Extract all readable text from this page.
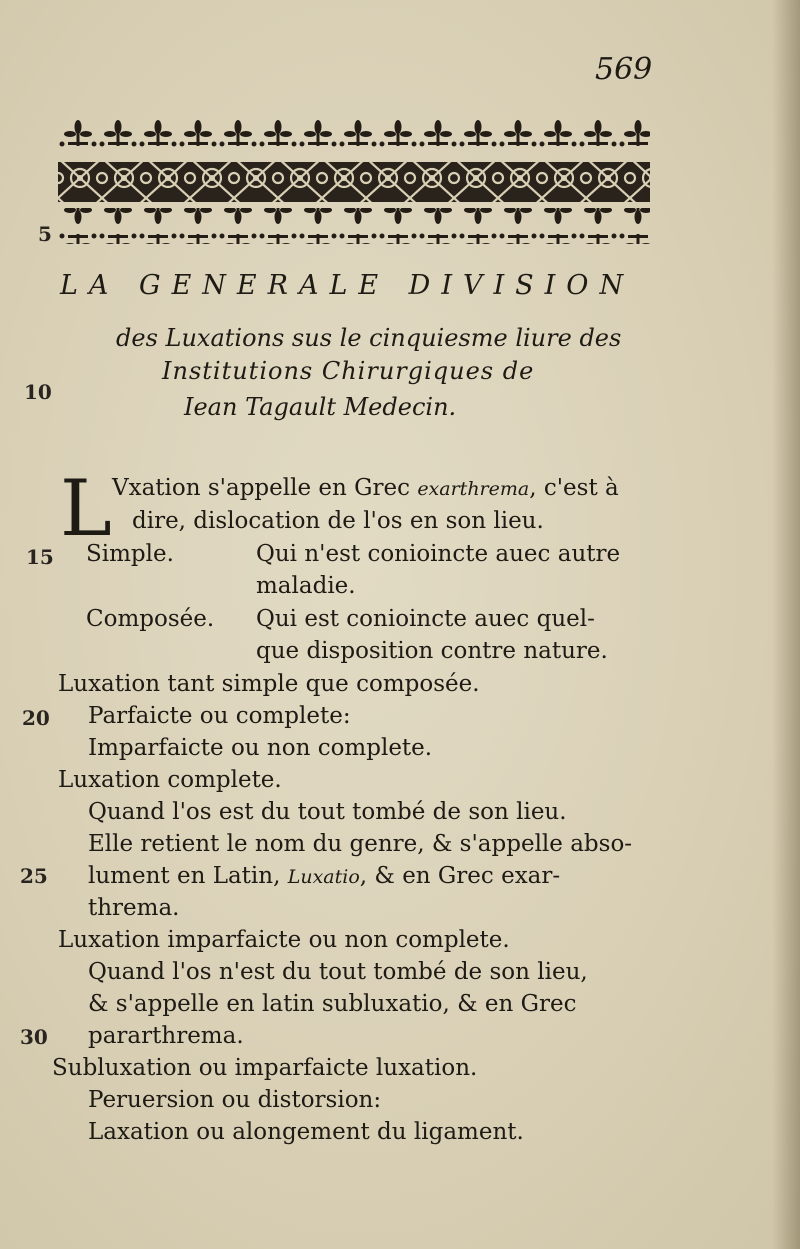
569
5
10
15
20
25
30
LA GENERALE DIVISION
des Luxations sus le cinquiesme liure des
Institutions Chirurgiques de
Iean Tagault Medecin.
L Vxation s'appelle en Grec exarthrema, c'est à
dire, dislocation de l'os en son lieu.
Simple.	Qui n'est conioincte auec autre
maladie.
Composée. Qui est conioincte auec quel-
que disposition contre nature.
Luxation tant simple que composée.
Parfaicte ou complete:
Imparfaicte ou non complete.
Luxation complete.
Quand l'os est du tout tombé de son lieu.
Elle retient le nom du genre, & s'appelle abso-
lument en Latin, Luxatio, & en Grec exar-
threma.
Luxation imparfaicte ou non complete.
Quand l'os n'est du tout tombé de son lieu,
& s'appelle en latin subluxatio, & en Grec
pararthrema.
Subluxation ou imparfaicte luxation.
Peruersion ou distorsion:
Laxation ou alongement du ligament.
